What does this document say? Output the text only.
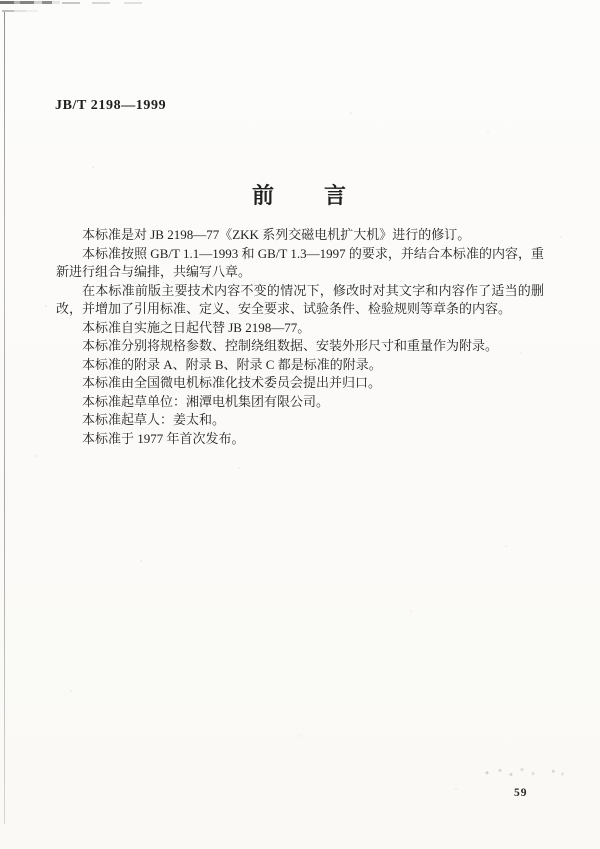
JB/T 2198—1999
前　　言

本标准是对 JB 2198—77《ZKK 系列交磁电机扩大机》进行的修订。

本标准按照 GB/T 1.1—1993 和 GB/T 1.3—1997 的要求，并结合本标准的内容，重新进行组合与编排，共编写八章。

在本标准前版主要技术内容不变的情况下，修改时对其文字和内容作了适当的删改，并增加了引用标准、定义、安全要求、试验条件、检验规则等章条的内容。

本标准自实施之日起代替 JB 2198—77。

本标准分别将规格参数、控制绕组数据、安装外形尺寸和重量作为附录。

本标准的附录 A、附录 B、附录 C 都是标准的附录。

本标准由全国微电机标准化技术委员会提出并归口。

本标准起草单位：湘潭电机集团有限公司。

本标准起草人：姜太和。

本标准于 1977 年首次发布。

59
